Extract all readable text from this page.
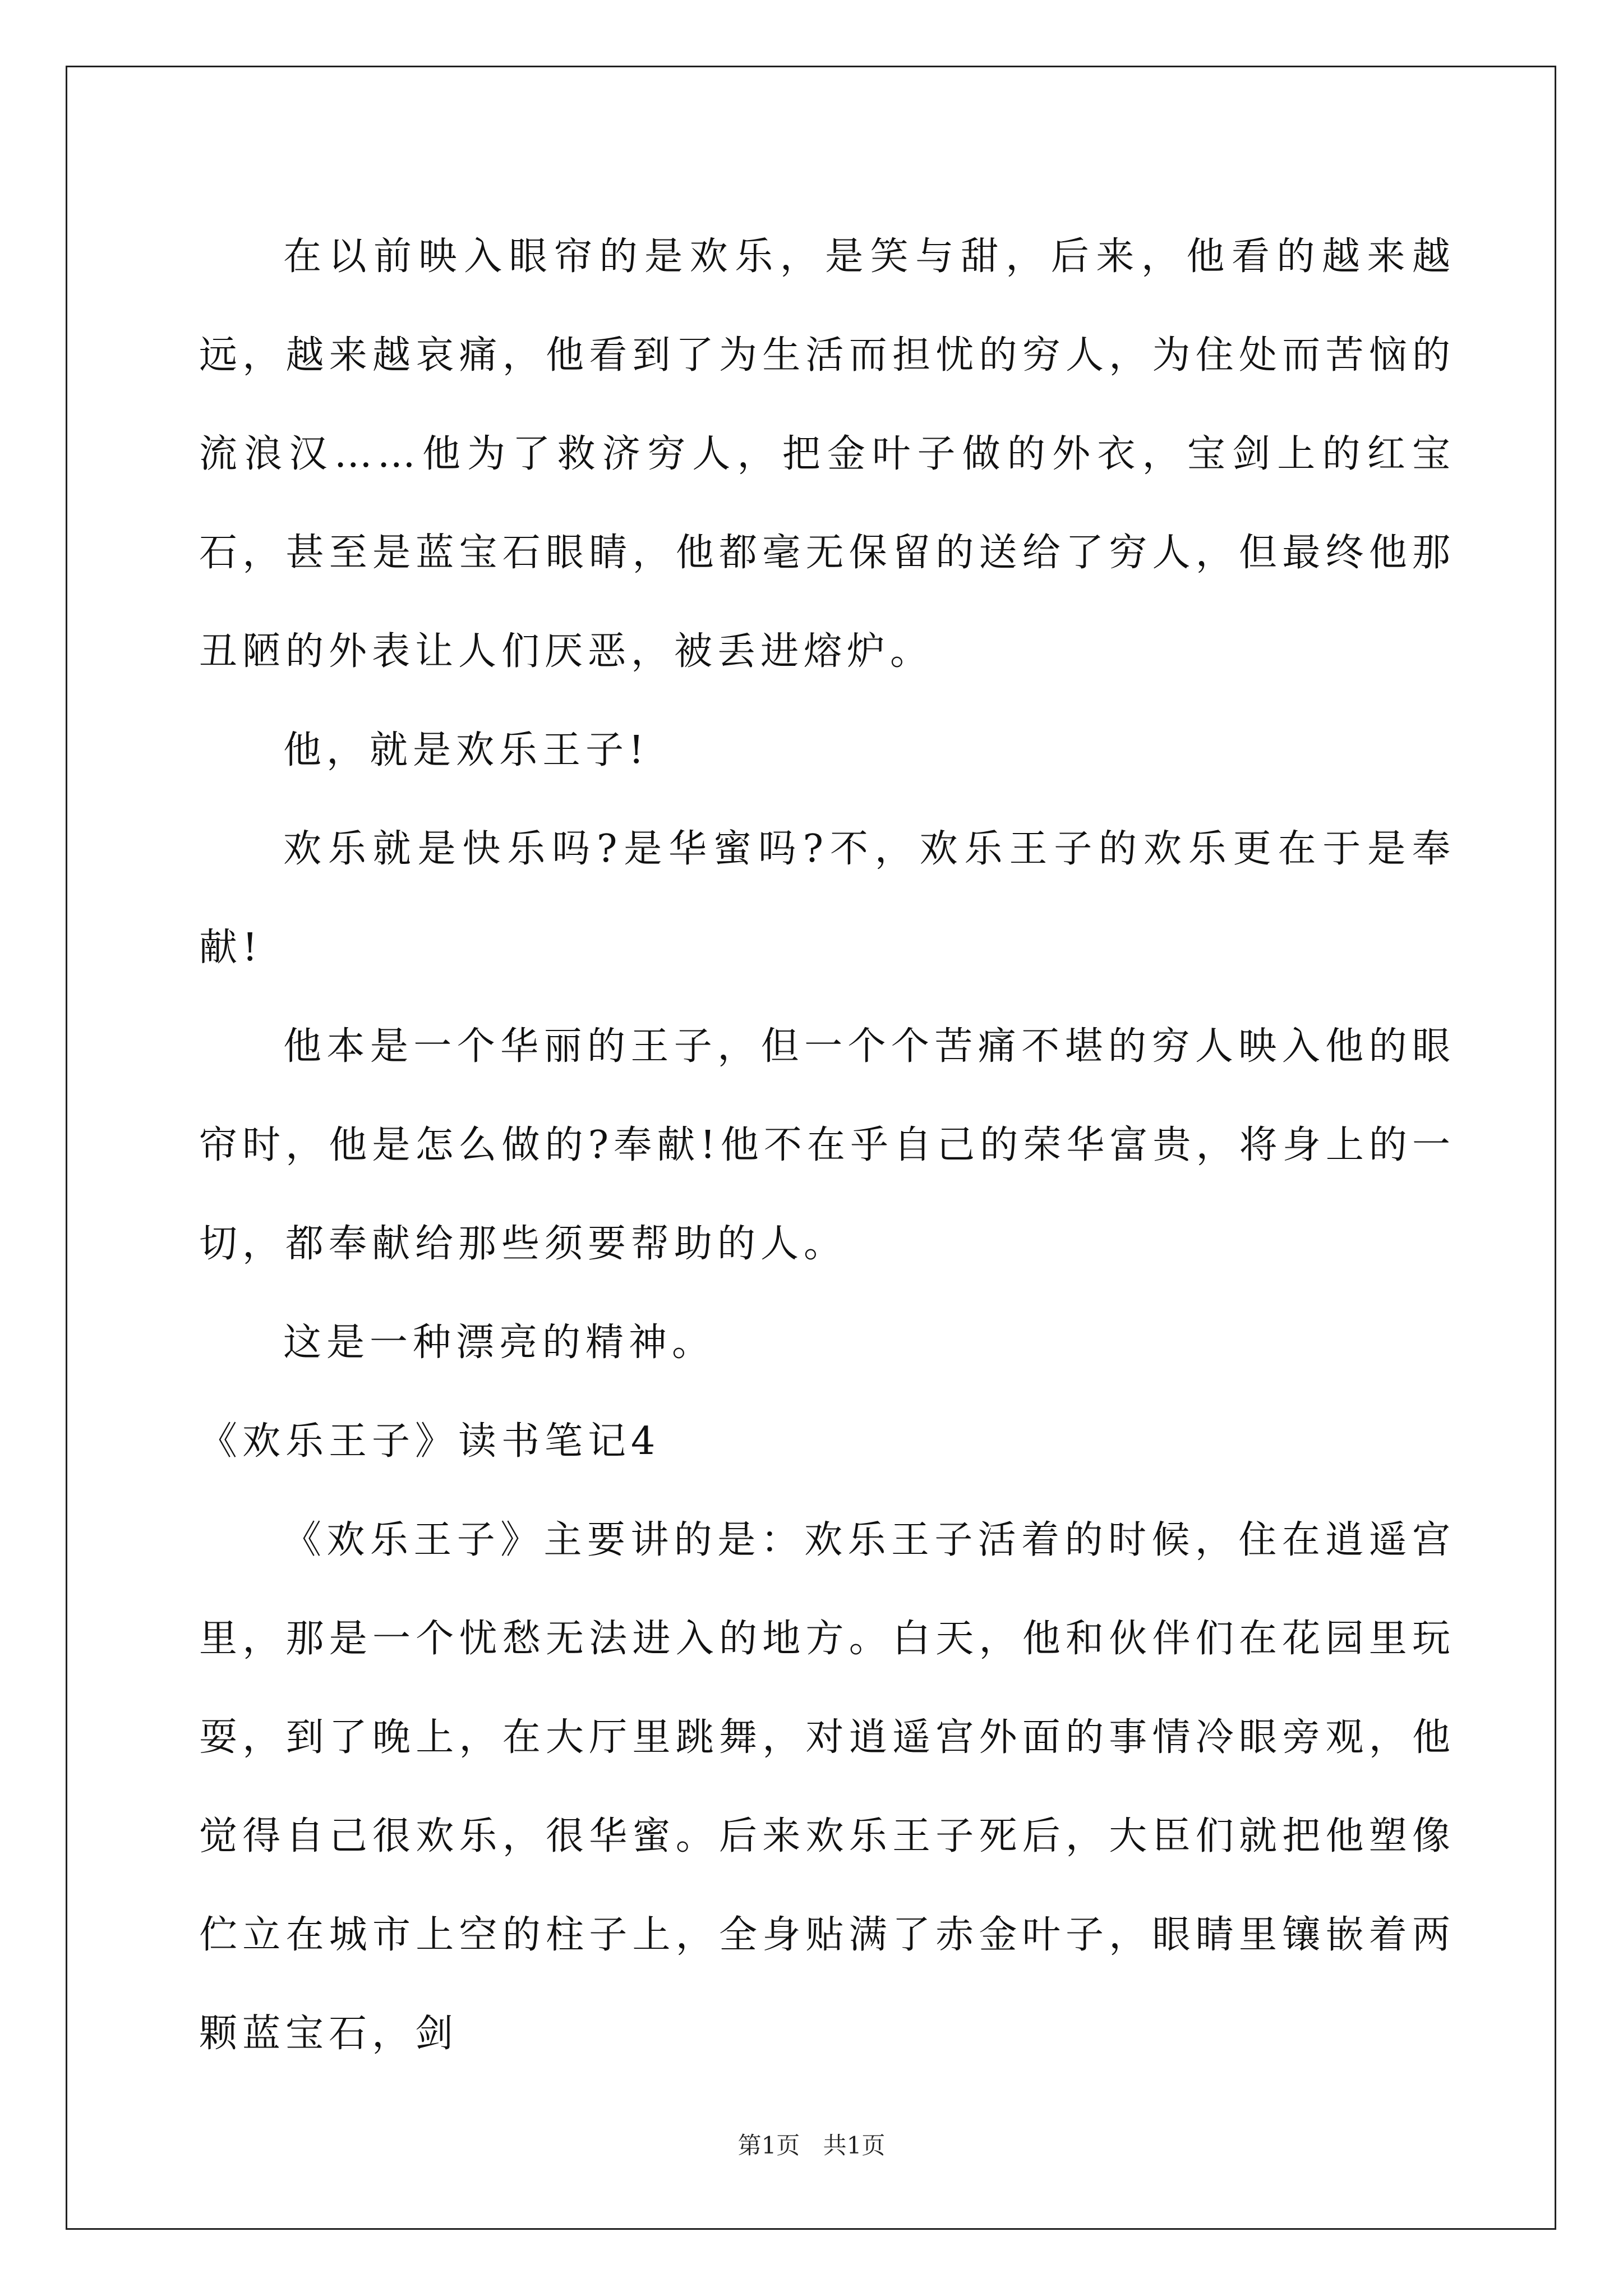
在以前映入眼帘的是欢乐，是笑与甜，后来，他看的越来越远，越来越哀痛，他看到了为生活而担忧的穷人，为住处而苦恼的流浪汉……他为了救济穷人，把金叶子做的外衣，宝剑上的红宝石，甚至是蓝宝石眼睛，他都毫无保留的送给了穷人，但最终他那丑陋的外表让人们厌恶，被丢进熔炉。

他，就是欢乐王子!

欢乐就是快乐吗?是华蜜吗?不，欢乐王子的欢乐更在于是奉献!

他本是一个华丽的王子，但一个个苦痛不堪的穷人映入他的眼帘时，他是怎么做的?奉献!他不在乎自己的荣华富贵，将身上的一切，都奉献给那些须要帮助的人。

这是一种漂亮的精神。

《欢乐王子》读书笔记4

《欢乐王子》主要讲的是：欢乐王子活着的时候，住在逍遥宫里，那是一个忧愁无法进入的地方。白天，他和伙伴们在花园里玩耍，到了晚上，在大厅里跳舞，对逍遥宫外面的事情冷眼旁观，他觉得自己很欢乐，很华蜜。后来欢乐王子死后，大臣们就把他塑像伫立在城市上空的柱子上，全身贴满了赤金叶子，眼睛里镶嵌着两颗蓝宝石，剑

第1页 共1页
